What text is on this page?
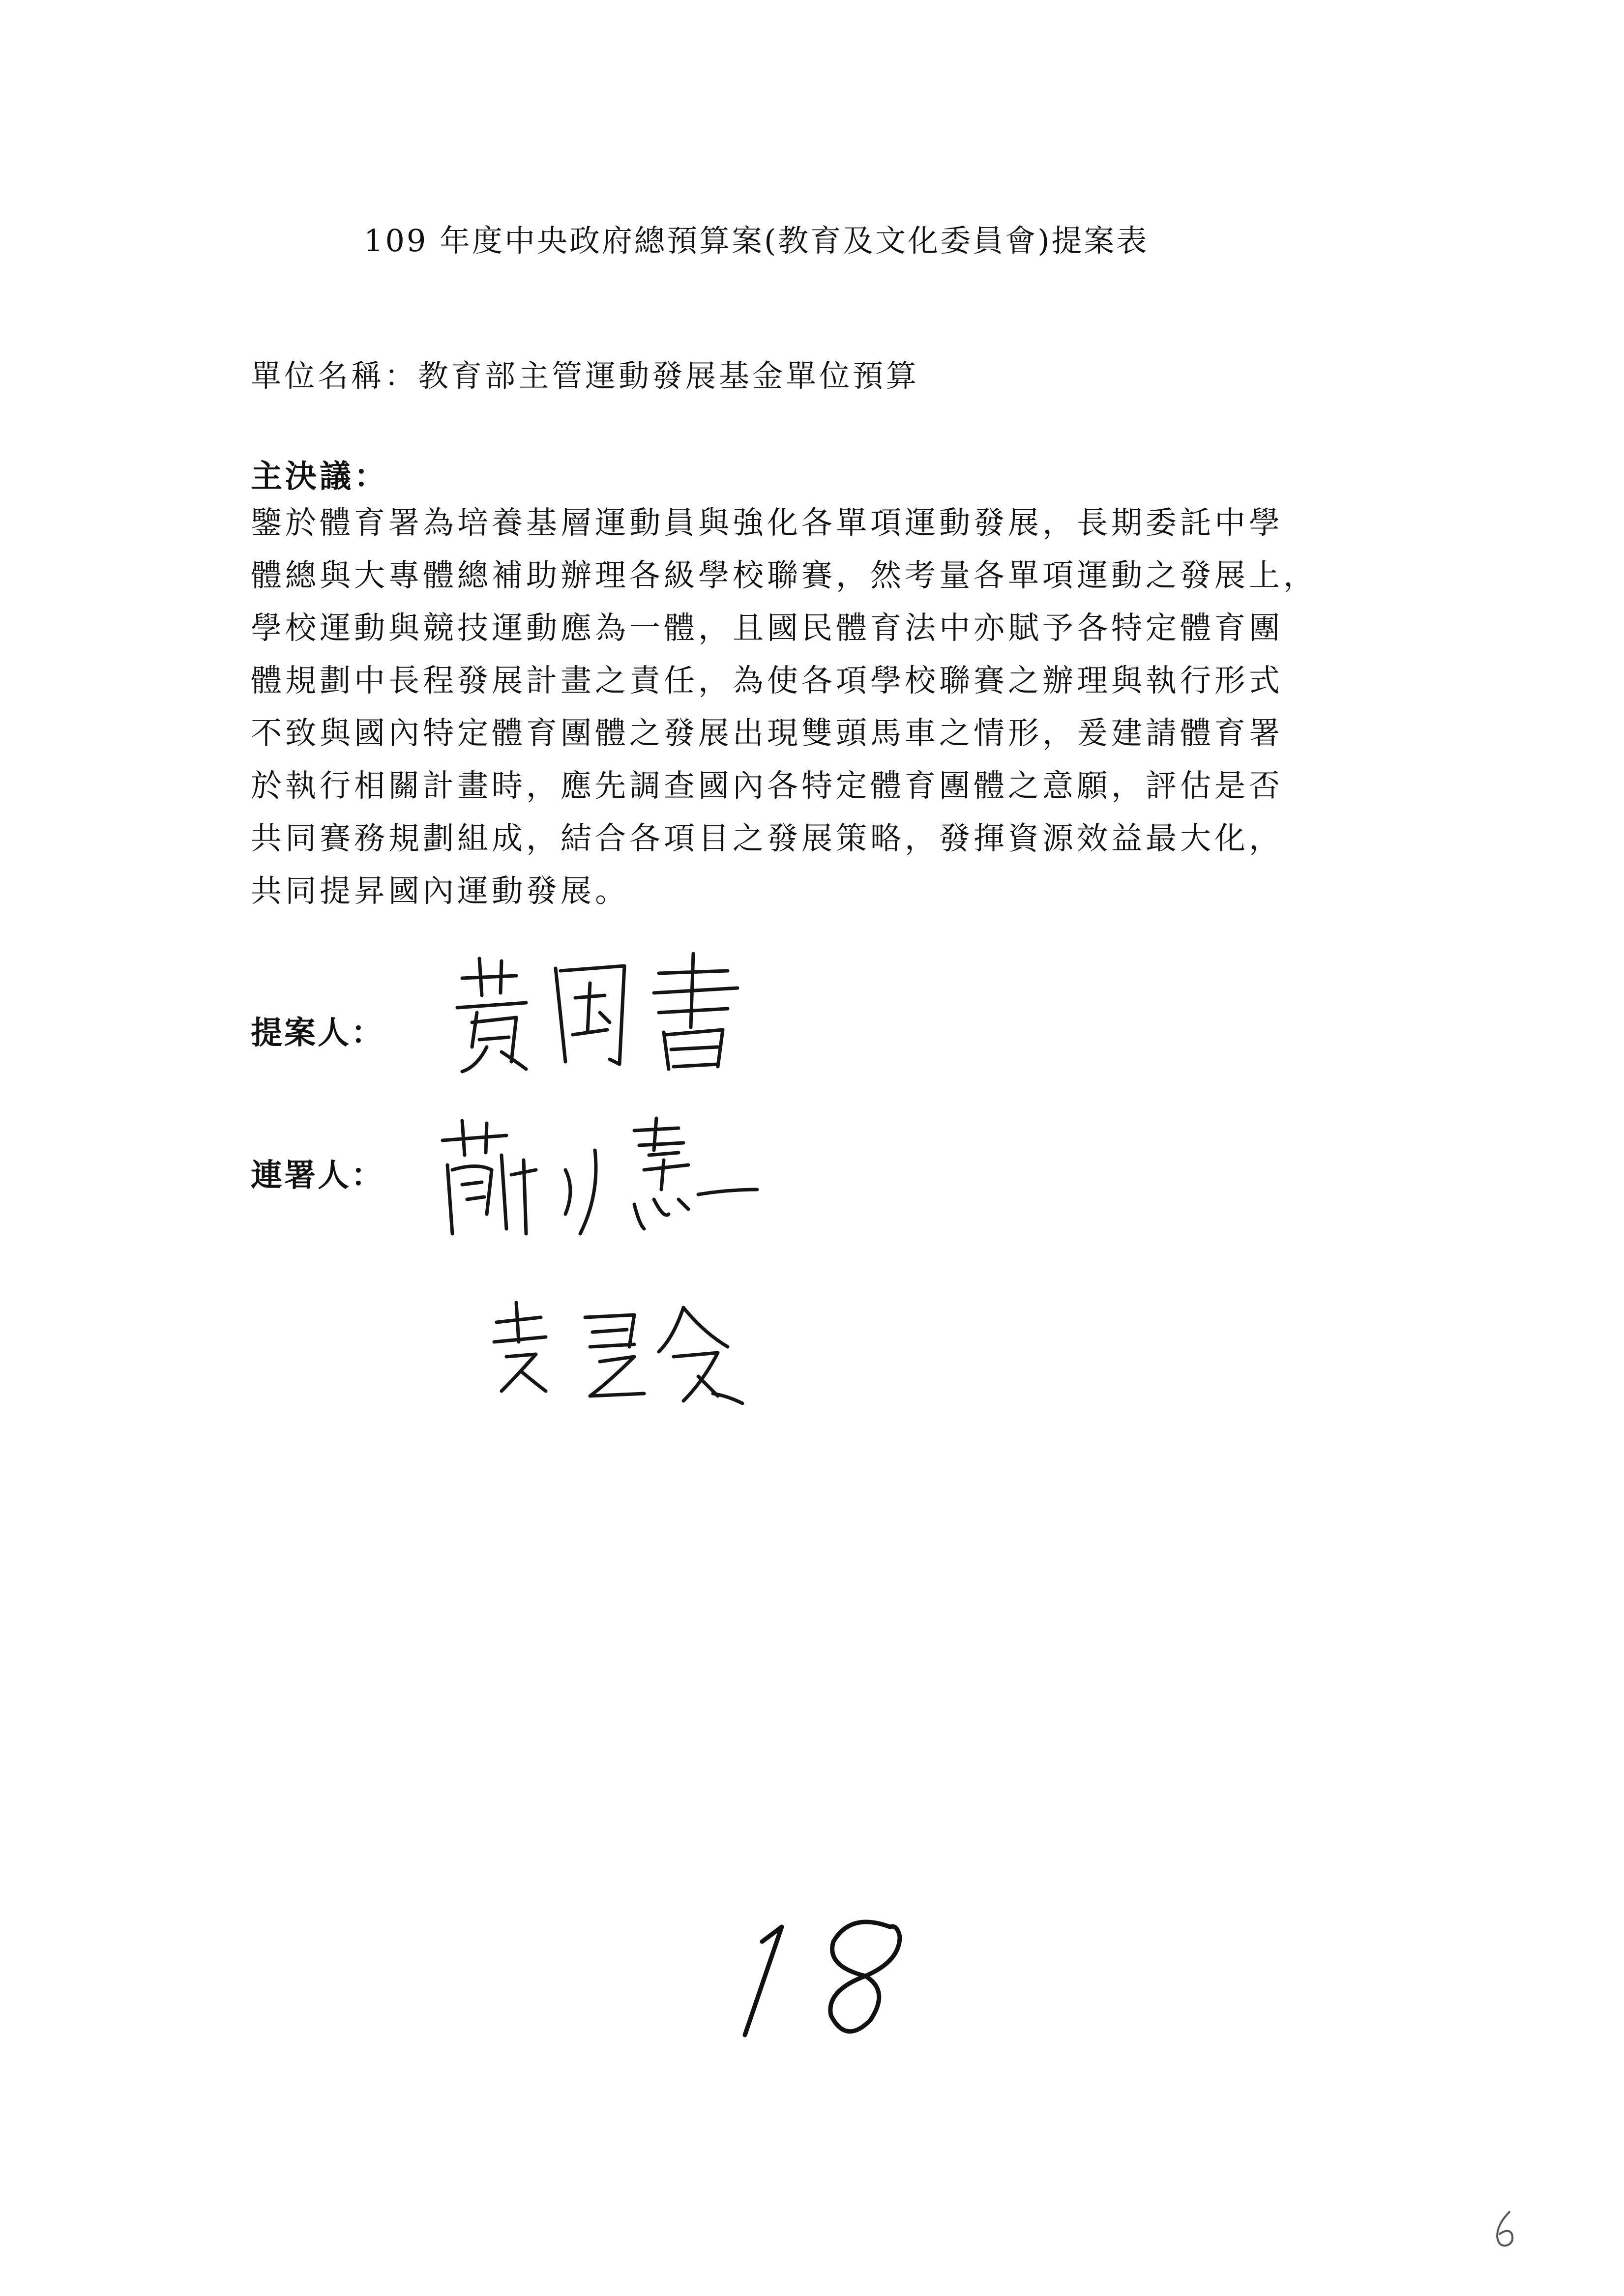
109 年度中央政府總預算案(教育及文化委員會)提案表
單位名稱：教育部主管運動發展基金單位預算
主決議：
鑒於體育署為培養基層運動員與強化各單項運動發展，長期委託中學
體總與大專體總補助辦理各級學校聯賽，然考量各單項運動之發展上，
學校運動與競技運動應為一體，且國民體育法中亦賦予各特定體育團
體規劃中長程發展計畫之責任，為使各項學校聯賽之辦理與執行形式
不致與國內特定體育團體之發展出現雙頭馬車之情形，爰建請體育署
於執行相關計畫時，應先調查國內各特定體育團體之意願，評估是否
共同賽務規劃組成，結合各項目之發展策略，發揮資源效益最大化，
共同提昇國內運動發展。
提案人：
連署人：
